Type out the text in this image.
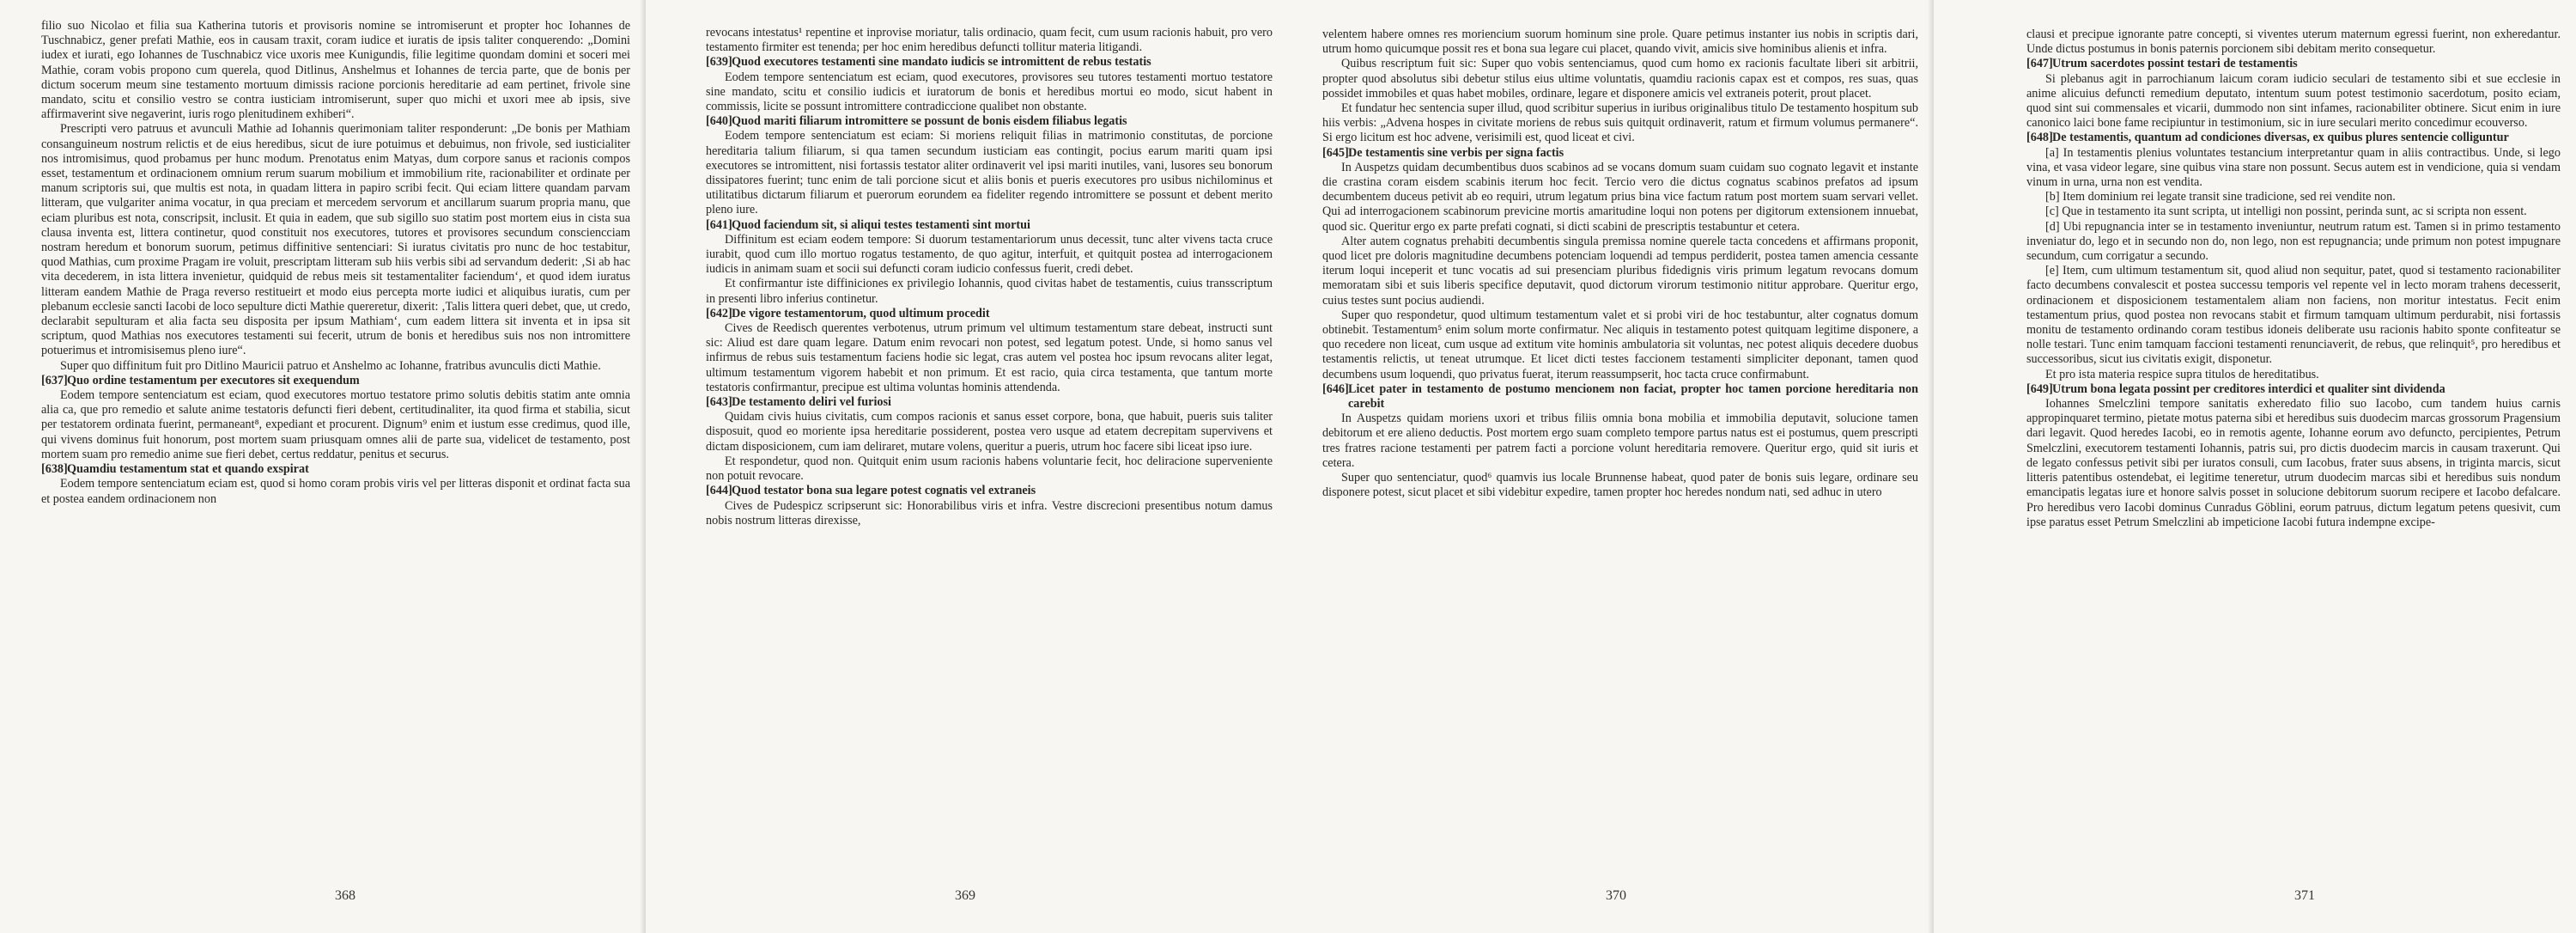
filio suo Nicolao et filia sua Katherina tutoris et provisoris nomine se intromiserunt et propter hoc Iohannes de Tuschnabicz, gener prefati Mathie, eos in causam traxit, coram iudice et iuratis de ipsis taliter conquerendo: „Domini iudex et iurati, ego Iohannes de Tuschnabicz vice uxoris mee Kunigundis, filie legitime quondam domini et soceri mei Mathie, coram vobis propono cum querela, quod Ditlinus, Anshelmus et Iohannes de tercia parte, que de bonis per dictum socerum meum sine testamento mortuum dimissis racione porcionis hereditarie ad eam pertinet, frivole sine mandato, scitu et consilio vestro se contra iusticiam intromiserunt, super quo michi et uxori mee ab ipsis, sive affirmaverint sive negaverint, iuris rogo plenitudinem exhiberi“.

Prescripti vero patruus et avunculi Mathie ad Iohannis querimoniam taliter responderunt: „De bonis per Mathiam consanguineum nostrum relictis et de eius heredibus, sicut de iure potuimus et debuimus, non frivole, sed iusticialiter nos intromisimus, quod probamus per hunc modum. Prenotatus enim Matyas, dum corpore sanus et racionis compos esset, testamentum et ordinacionem omnium rerum suarum mobilium et immobilium rite, racionabiliter et ordinate per manum scriptoris sui, que multis est nota, in quadam littera in papiro scribi fecit. Qui eciam littere quandam parvam litteram, que vulgariter anima vocatur, in qua preciam et mercedem servorum et ancillarum suarum propria manu, que eciam pluribus est nota, conscripsit, inclusit. Et quia in eadem, que sub sigillo suo statim post mortem eius in cista sua clausa inventa est, littera continetur, quod constituit nos executores, tutores et provisores secundum consciencciam nostram heredum et bonorum suorum, petimus diffinitive sentenciari: Si iuratus civitatis pro nunc de hoc testabitur, quod Mathias, cum proxime Pragam ire voluit, prescriptam litteram sub hiis verbis sibi ad servandum dederit: ‚Si ab hac vita decederem, in ista littera invenietur, quidquid de rebus meis sit testamentaliter faciendum‘, et quod idem iuratus litteram eandem Mathie de Praga reverso restitueirt et modo eius percepta morte iudici et aliquibus iuratis, cum per plebanum ecclesie sancti Iacobi de loco sepulture dicti Mathie quereretur, dixerit: ‚Talis littera queri debet, que, ut credo, declarabit sepulturam et alia facta seu disposita per ipsum Mathiam‘, cum eadem littera sit inventa et in ipsa sit scriptum, quod Mathias nos executores testamenti sui fecerit, utrum de bonis et heredibus suis nos non intromittere potuerimus et intromisisemus pleno iure“.

Super quo diffinitum fuit pro Ditlino Mauricii patruo et Anshelmo ac Iohanne, fratribus avunculis dicti Mathie.

[637]Quo ordine testamentum per executores sit exequendum

Eodem tempore sentenciatum est eciam, quod executores mortuo testatore primo solutis debitis statim ante omnia alia ca, que pro remedio et salute anime testatoris defuncti fieri debent, certitudinaliter, ita quod firma et stabilia, sicut per testatorem ordinata fuerint, permaneant⁸, expediant et procurent. Dignum⁹ enim et iustum esse credimus, quod ille, qui vivens dominus fuit honorum, post mortem suam priusquam omnes alii de parte sua, videlicet de testamento, post mortem suam pro remedio anime sue fieri debet, certus reddatur, penitus et securus.

[638]Quamdiu testamentum stat et quando exspirat

Eodem tempore sentenciatum eciam est, quod si homo coram probis viris vel per litteras disponit et ordinat facta sua et postea eandem ordinacionem non

368

revocans intestatus¹ repentine et inprovise moriatur, talis ordinacio, quam fecit, cum usum racionis habuit, pro vero testamento firmiter est tenenda; per hoc enim heredibus defuncti tollitur materia litigandi.

[639]Quod executores testamenti sine mandato iudicis se intromittent de rebus testatis

Eodem tempore sentenciatum est eciam, quod executores, provisores seu tutores testamenti mortuo testatore sine mandato, scitu et consilio iudicis et iuratorum de bonis et heredibus mortui eo modo, sicut habent in commissis, licite se possunt intromittere contradiccione qualibet non obstante.

[640]Quod mariti filiarum intromittere se possunt de bonis eisdem filiabus legatis

Eodem tempore sentenciatum est eciam: Si moriens reliquit filias in matrimonio constitutas, de porcione hereditaria talium filiarum, si qua tamen secundum iusticiam eas contingit, pocius earum mariti quam ipsi executores se intromittent, nisi fortassis testator aliter ordinaverit vel ipsi mariti inutiles, vani, lusores seu bonorum dissipatores fuerint; tunc enim de tali porcione sicut et aliis bonis et pueris executores pro usibus nichilominus et utilitatibus dictarum filiarum et puerorum eorundem ea fideliter regendo intromittere se possunt et debent merito pleno iure.

[641]Quod faciendum sit, si aliqui testes testamenti sint mortui

Diffinitum est eciam eodem tempore: Si duorum testamentariorum unus decessit, tunc alter vivens tacta cruce iurabit, quod cum illo mortuo rogatus testamento, de quo agitur, interfuit, et quitquit postea ad interrogacionem iudicis in animam suam et socii sui defuncti coram iudicio confessus fuerit, credi debet.

Et confirmantur iste diffiniciones ex privilegio Iohannis, quod civitas habet de testamentis, cuius transscriptum in presenti libro inferius continetur.

[642]De vigore testamentorum, quod ultimum procedit

Cives de Reedisch querentes verbotenus, utrum primum vel ultimum testamentum stare debeat, instructi sunt sic: Aliud est dare quam legare. Datum enim revocari non potest, sed legatum potest. Unde, si homo sanus vel infirmus de rebus suis testamentum faciens hodie sic legat, cras autem vel postea hoc ipsum revocans aliter legat, ultimum testamentum vigorem habebit et non primum. Et est racio, quia circa testamenta, que tantum morte testatoris confirmantur, precipue est ultima voluntas hominis attendenda.

[643]De testamento deliri vel furiosi

Quidam civis huius civitatis, cum compos racionis et sanus esset corpore, bona, que habuit, pueris suis taliter disposuit, quod eo moriente ipsa hereditarie possiderent, postea vero usque ad etatem decrepitam supervivens et dictam disposicionem, cum iam deliraret, mutare volens, queritur a pueris, utrum hoc facere sibi liceat ipso iure.

Et respondetur, quod non. Quitquit enim usum racionis habens voluntarie fecit, hoc deliracione superveniente non potuit revocare.

[644]Quod testator bona sua legare potest cognatis vel extraneis

Cives de Pudespicz scripserunt sic: Honorabilibus viris et infra. Vestre discrecioni presentibus notum damus nobis nostrum litteras direxisse,

369

velentem habere omnes res moriencium suorum hominum sine prole. Quare petimus instanter ius nobis in scriptis dari, utrum homo quicumque possit res et bona sua legare cui placet, quando vivit, amicis sive hominibus alienis et infra.

Quibus rescriptum fuit sic: Super quo vobis sentenciamus, quod cum homo ex racionis facultate liberi sit arbitrii, propter quod absolutus sibi debetur stilus eius ultime voluntatis, quamdiu racionis capax est et compos, res suas, quas possidet immobiles et quas habet mobiles, ordinare, legare et disponere amicis vel extraneis poterit, prout placet.

Et fundatur hec sentencia super illud, quod scribitur superius in iuribus originalibus titulo De testamento hospitum sub hiis verbis: „Advena hospes in civitate moriens de rebus suis quitquit ordinaverit, ratum et firmum volumus permanere“. Si ergo licitum est hoc advene, verisimili est, quod liceat et civi.

[645]De testamentis sine verbis per signa factis

In Auspetzs quidam decumbentibus duos scabinos ad se vocans domum suam cuidam suo cognato legavit et instante die crastina coram eisdem scabinis iterum hoc fecit. Tercio vero die dictus cognatus scabinos prefatos ad ipsum decumbentem duceus petivit ab eo requiri, utrum legatum prius bina vice factum ratum post mortem suam servari vellet. Qui ad interrogacionem scabinorum previcine mortis amaritudine loqui non potens per digitorum extensionem innuebat, quod sic. Queritur ergo ex parte prefati cognati, si dicti scabini de prescriptis testabuntur et cetera.

Alter autem cognatus prehabiti decumbentis singula premissa nomine querele tacta concedens et affirmans proponit, quod licet pre doloris magnitudine decumbens potenciam loquendi ad tempus perdiderit, postea tamen amencia cessante iterum loqui inceperit et tunc vocatis ad sui presenciam pluribus fidedignis viris primum legatum revocans domum memoratam sibi et suis liberis specifice deputavit, quod dictorum virorum testimonio nititur approbare. Queritur ergo, cuius testes sunt pocius audiendi.

Super quo respondetur, quod ultimum testamentum valet et si probi viri de hoc testabuntur, alter cognatus domum obtinebit. Testamentum⁵ enim solum morte confirmatur. Nec aliquis in testamento potest quitquam legitime disponere, a quo recedere non liceat, cum usque ad extitum vite hominis ambulatoria sit voluntas, nec potest aliquis decedere duobus testamentis relictis, ut teneat utrumque. Et licet dicti testes faccionem testamenti simpliciter deponant, tamen quod decumbens usum loquendi, quo privatus fuerat, iterum reassumpserit, hoc tacta cruce confirmabunt.

[646]Licet pater in testamento de postumo mencionem non faciat, propter hoc tamen porcione hereditaria non carebit

In Auspetzs quidam moriens uxori et tribus filiis omnia bona mobilia et immobilia deputavit, solucione tamen debitorum et ere alieno deductis. Post mortem ergo suam completo tempore partus natus est ei postumus, quem prescripti tres fratres racione testamenti per patrem facti a porcione volunt hereditaria removere. Queritur ergo, quid sit iuris et cetera.

Super quo sentenciatur, quod⁶ quamvis ius locale Brunnense habeat, quod pater de bonis suis legare, ordinare seu disponere potest, sicut placet et sibi videbitur expedire, tamen propter hoc heredes nondum nati, sed adhuc in utero

370

clausi et precipue ignorante patre concepti, si viventes uterum maternum egressi fuerint, non exheredantur. Unde dictus postumus in bonis paternis porcionem sibi debitam merito consequetur.

[647]Utrum sacerdotes possint testari de testamentis

Si plebanus agit in parrochianum laicum coram iudicio seculari de testamento sibi et sue ecclesie in anime alicuius defuncti remedium deputato, intentum suum potest testimonio sacerdotum, posito eciam, quod sint sui commensales et vicarii, dummodo non sint infames, racionabiliter obtinere. Sicut enim in iure canonico laici bone fame recipiuntur in testimonium, sic in iure seculari merito concedimur ecouverso.

[648]De testamentis, quantum ad condiciones diversas, ex quibus plures sentencie colliguntur

[a] In testamentis plenius voluntates testancium interpretantur quam in aliis contractibus. Unde, si lego vina, et vasa videor legare, sine quibus vina stare non possunt. Secus autem est in vendicione, quia si vendam vinum in urna, urna non est vendita.

[b] Item dominium rei legate transit sine tradicione, sed rei vendite non.

[c] Que in testamento ita sunt scripta, ut intelligi non possint, perinda sunt, ac si scripta non essent.

[d] Ubi repugnancia inter se in testamento inveniuntur, neutrum ratum est. Tamen si in primo testamento inveniatur do, lego et in secundo non do, non lego, non est repugnancia; unde primum non potest impugnare secundum, cum corrigatur a secundo.

[e] Item, cum ultimum testamentum sit, quod aliud non sequitur, patet, quod si testamento racionabiliter facto decumbens convalescit et postea successu temporis vel repente vel in lecto moram trahens decesserit, ordinacionem et disposicionem testamentalem aliam non faciens, non moritur intestatus. Fecit enim testamentum prius, quod postea non revocans stabit et firmum tamquam ultimum perdurabit, nisi fortassis monitu de testamento ordinando coram testibus idoneis deliberate usu racionis habito sponte confiteatur se nolle testari. Tunc enim tamquam faccioni testamenti renunciaverit, de rebus, que relinquit⁵, pro heredibus et successoribus, sicut ius civitatis exigit, disponetur.

Et pro ista materia respice supra titulos de hereditatibus.

[649]Utrum bona legata possint per creditores interdici et qualiter sint dividenda

Iohannes Smelczlini tempore sanitatis exheredato filio suo Iacobo, cum tandem huius carnis appropinquaret termino, pietate motus paterna sibi et heredibus suis duodecim marcas grossorum Pragensium dari legavit. Quod heredes Iacobi, eo in remotis agente, Iohanne eorum avo defuncto, percipientes, Petrum Smelczlini, executorem testamenti Iohannis, patris sui, pro dictis duodecim marcis in causam traxerunt. Qui de legato confessus petivit sibi per iuratos consuli, cum Iacobus, frater suus absens, in triginta marcis, sicut litteris patentibus ostendebat, ei legitime teneretur, utrum duodecim marcas sibi et heredibus suis nondum emancipatis legatas iure et honore salvis posset in solucione debitorum suorum recipere et Iacobo defalcare. Pro heredibus vero Iacobi dominus Cunradus Göblini, eorum patruus, dictum legatum petens quesivit, cum ipse paratus esset Petrum Smelczlini ab impeticione Iacobi futura indempne excipe-

371
